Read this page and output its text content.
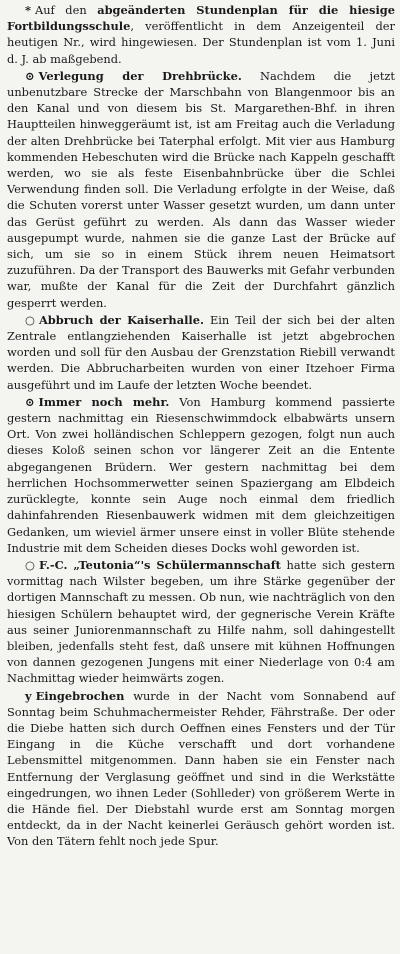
* Auf den abgeänderten Stundenplan für die hiesige Fortbildungsschule, veröffentlicht in dem Anzeigenteil der heutigen Nr., wird hingewiesen. Der Stundenplan ist vom 1. Juni d. J. ab maßgebend.

⊙ Verlegung der Drehbrücke. Nachdem die jetzt unbenutzbare Strecke der Marschbahn von Blangenmoor bis an den Kanal und von diesem bis St. Margarethen-Bhf. in ihren Hauptteilen hinweggeräumt ist, ist am Freitag auch die Verladung der alten Drehbrücke bei Taterphal erfolgt. Mit vier aus Hamburg kommenden Hebeschuten wird die Brücke nach Kappeln geschafft werden, wo sie als feste Eisenbahnbrücke über die Schlei Verwendung finden soll. Die Verladung erfolgte in der Weise, daß die Schuten vorerst unter Wasser gesetzt wurden, um dann unter das Gerüst geführt zu werden. Als dann das Wasser wieder ausgepumpt wurde, nahmen sie die ganze Last der Brücke auf sich, um sie so in einem Stück ihrem neuen Heimatsort zuzuführen. Da der Transport des Bauwerks mit Gefahr verbunden war, mußte der Kanal für die Zeit der Durchfahrt gänzlich gesperrt werden.

○ Abbruch der Kaiserhalle. Ein Teil der sich bei der alten Zentrale entlangziehenden Kaiserhalle ist jetzt abgebrochen worden und soll für den Ausbau der Grenzstation Riebill verwandt werden. Die Abbrucharbeiten wurden von einer Itzehoer Firma ausgeführt und im Laufe der letzten Woche beendet.

⊙ Immer noch mehr. Von Hamburg kommend passierte gestern nachmittag ein Riesenschwimmdock elbabwärts unsern Ort. Von zwei holländischen Schleppern gezogen, folgt nun auch dieses Koloß seinen schon vor längerer Zeit an die Entente abgegangenen Brüdern. Wer gestern nachmittag bei dem herrlichen Hochsommerwetter seinen Spaziergang am Elbdeich zurücklegte, konnte sein Auge noch einmal dem friedlich dahinfahrenden Riesenbauwerk widmen mit dem gleichzeitigen Gedanken, um wieviel ärmer unsere einst in voller Blüte stehende Industrie mit dem Scheiden dieses Docks wohl geworden ist.

○ F.-C. „Teutonia“'s Schülermannschaft hatte sich gestern vormittag nach Wilster begeben, um ihre Stärke gegenüber der dortigen Mannschaft zu messen. Ob nun, wie nachträglich von den hiesigen Schülern behauptet wird, der gegnerische Verein Kräfte aus seiner Juniorenmannschaft zu Hilfe nahm, soll dahingestellt bleiben, jedenfalls steht fest, daß unsere mit kühnen Hoffnungen von dannen gezogenen Jungens mit einer Niederlage von 0:4 am Nachmittag wieder heimwärts zogen.

y Eingebrochen wurde in der Nacht vom Sonnabend auf Sonntag beim Schuhmachermeister Rehder, Fährstraße. Der oder die Diebe hatten sich durch Oeffnen eines Fensters und der Tür Eingang in die Küche verschafft und dort vorhandene Lebensmittel mitgenommen. Dann haben sie ein Fenster nach Entfernung der Verglasung geöffnet und sind in die Werkstätte eingedrungen, wo ihnen Leder (Sohlleder) von größerem Werte in die Hände fiel. Der Diebstahl wurde erst am Sonntag morgen entdeckt, da in der Nacht keinerlei Geräusch gehört worden ist. Von den Tätern fehlt noch jede Spur.
